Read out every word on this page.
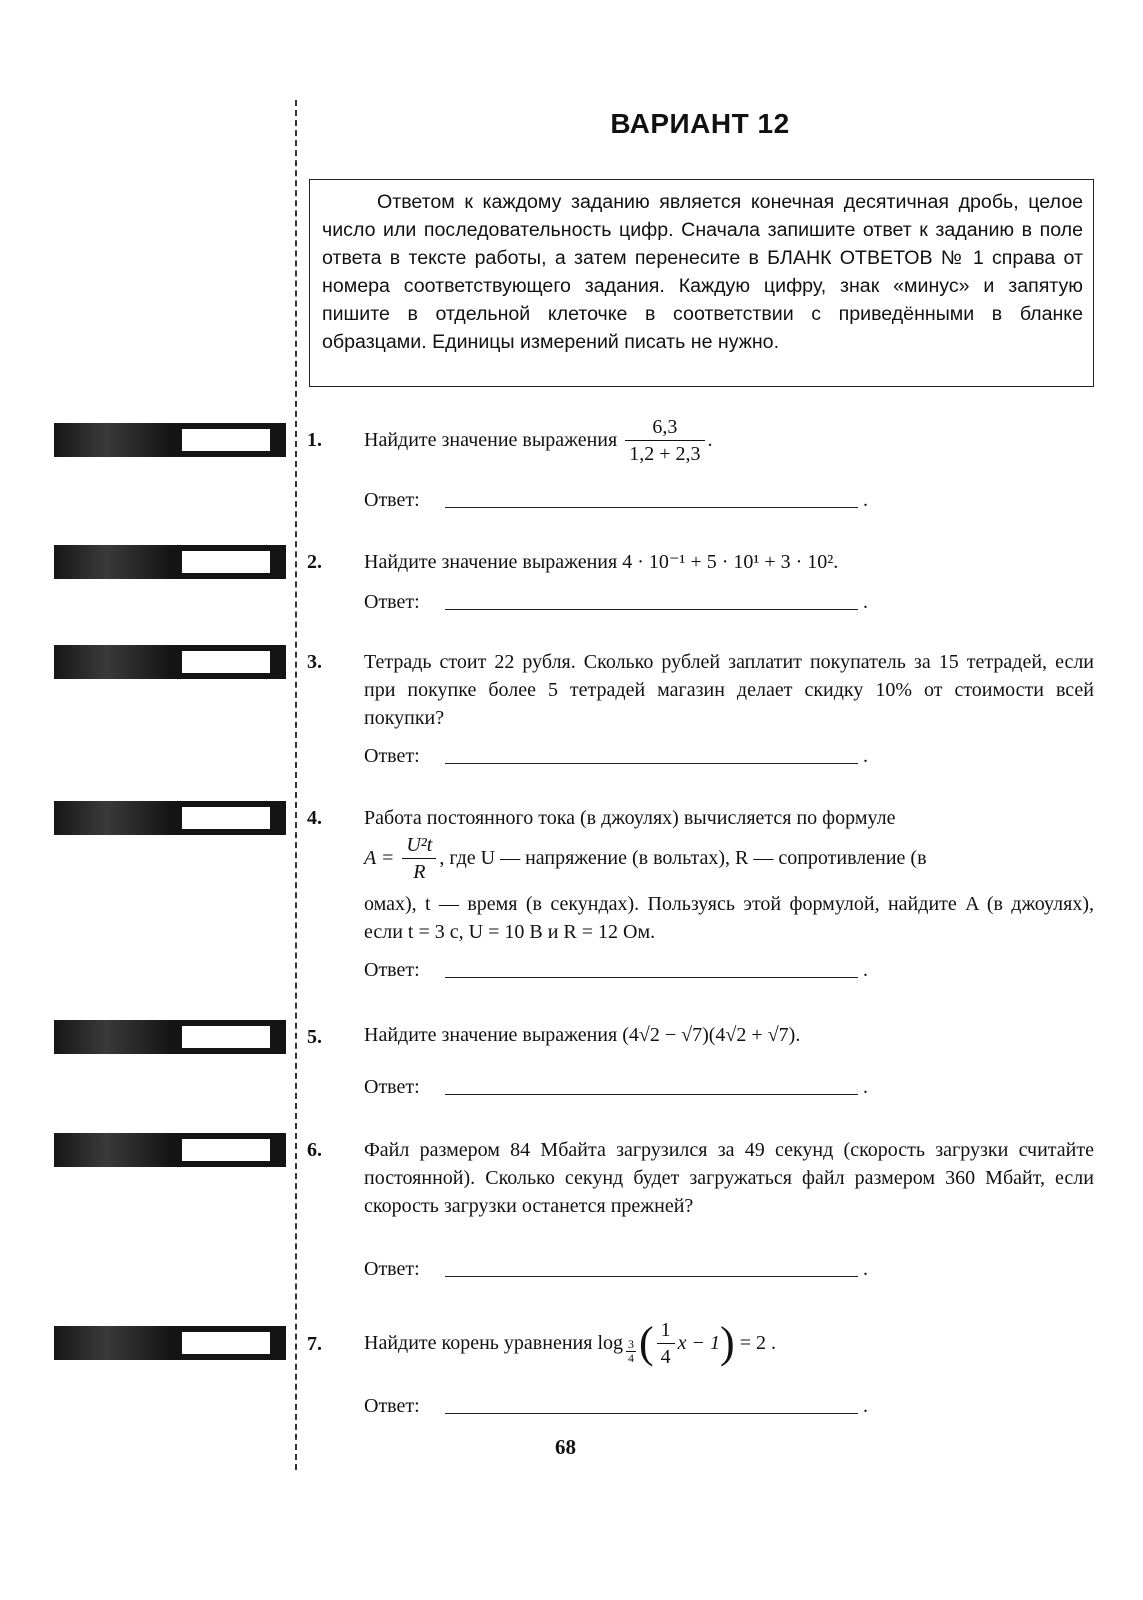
ВАРИАНТ 12
Ответом к каждому заданию является конечная десятичная дробь, целое число или последовательность цифр. Сначала запишите ответ к заданию в поле ответа в тексте работы, а затем перенесите в БЛАНК ОТВЕТОВ № 1 справа от номера соответствующего задания. Каждую цифру, знак «минус» и запятую пишите в отдельной клеточке в соответствии с приведёнными в бланке образцами. Единицы измерений писать не нужно.
1. Найдите значение выражения $\frac{6,3}{1,2 + 2,3}$ .
Ответ:	.
2. Найдите значение выражения 4 · 10⁻¹ + 5 · 10¹ + 3 · 10².
Ответ:	.
3. Тетрадь стоит 22 рубля. Сколько рублей заплатит покупатель за 15 тетрадей, если при покупке более 5 тетрадей магазин делает скидку 10% от стоимости всей покупки?
Ответ:	.
4. Работа постоянного тока (в джоулях) вычисляется по формуле
$A = \frac{\text{U²t}}{R}$ , где U — напряжение (в вольтах), R — сопротивление (в
омах), t — время (в секундах). Пользуясь этой формулой, найдите A (в джоулях), если t = 3 с, U = 10 В и R = 12 Ом.
Ответ:	.
5. Найдите значение выражения (4√2 − √7)(4√2 + √7).
Ответ:	.
6. Файл размером 84 Мбайта загрузился за 49 секунд (скорость загрузки считайте постоянной). Сколько секунд будет загружаться файл размером 360 Мбайт, если скорость загрузки останется прежней?
Ответ:	.
7. Найдите корень уравнения $\log \frac{3}{4}$ ( $\frac{1}{4}$ x − 1) = 2 .
Ответ:	.
68
